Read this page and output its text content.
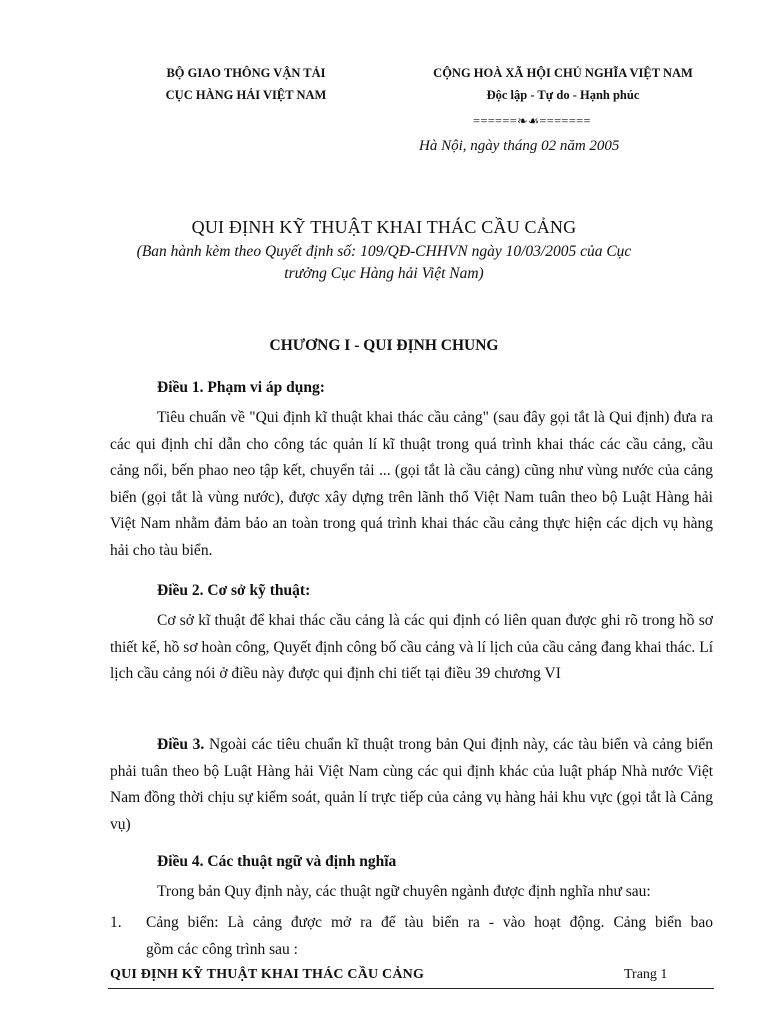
BỘ GIAO THÔNG VẬN TẢI
CỤC HÀNG HẢI VIỆT NAM
CỘNG HOÀ XÃ HỘI CHỦ NGHĨA VIỆT NAM
Độc lập - Tự do - Hạnh phúc
======❧☙=======
Hà Nội, ngày tháng 02 năm 2005
QUI ĐỊNH KỸ THUẬT KHAI THÁC CẦU CẢNG
(Ban hành kèm theo Quyết định số: 109/QĐ-CHHVN ngày 10/03/2005 của Cục
trưởng Cục Hàng hải Việt Nam)
CHƯƠNG I - QUI ĐỊNH CHUNG
Điều 1. Phạm vi áp dụng:

Tiêu chuẩn về "Qui định kĩ thuật khai thác cầu cảng" (sau đây gọi tắt là Qui định) đưa ra các qui định chỉ dẫn cho công tác quản lí kĩ thuật trong quá trình khai thác các cầu cảng, cầu cảng nổi, bến phao neo tập kết, chuyển tải ... (gọi tắt là cầu cảng) cũng như vùng nước của cảng biển (gọi tắt là vùng nước), được xây dựng trên lãnh thổ Việt Nam tuân theo bộ Luật Hàng hải Việt Nam nhằm đảm bảo an toàn trong quá trình khai thác cầu cảng thực hiện các dịch vụ hàng hải cho tàu biển.

Điều 2. Cơ sở kỹ thuật:

Cơ sở kĩ thuật để khai thác cầu cảng là các qui định có liên quan được ghi rõ trong hồ sơ thiết kế, hồ sơ hoàn công, Quyết định công bố cầu cảng và lí lịch của cầu cảng đang khai thác. Lí lịch cầu cảng nói ở điều này được qui định chi tiết tại điều 39 chương VI

Điều 3. Ngoài các tiêu chuẩn kĩ thuật trong bản Qui định này, các tàu biển và cảng biển phải tuân theo bộ Luật Hàng hải Việt Nam cùng các qui định khác của luật pháp Nhà nước Việt Nam đồng thời chịu sự kiểm soát, quản lí trực tiếp của cảng vụ hàng hải khu vực (gọi tắt là Cảng vụ)

Điều 4. Các thuật ngữ và định nghĩa

Trong bản Quy định này, các thuật ngữ chuyên ngành được định nghĩa như sau:

1. Cảng biển: Là cảng được mở ra để tàu biển ra - vào hoạt động. Cảng biển bao
gồm các công trình sau :
QUI ĐỊNH KỸ THUẬT KHAI THÁC CẦU CẢNG	Trang 1
